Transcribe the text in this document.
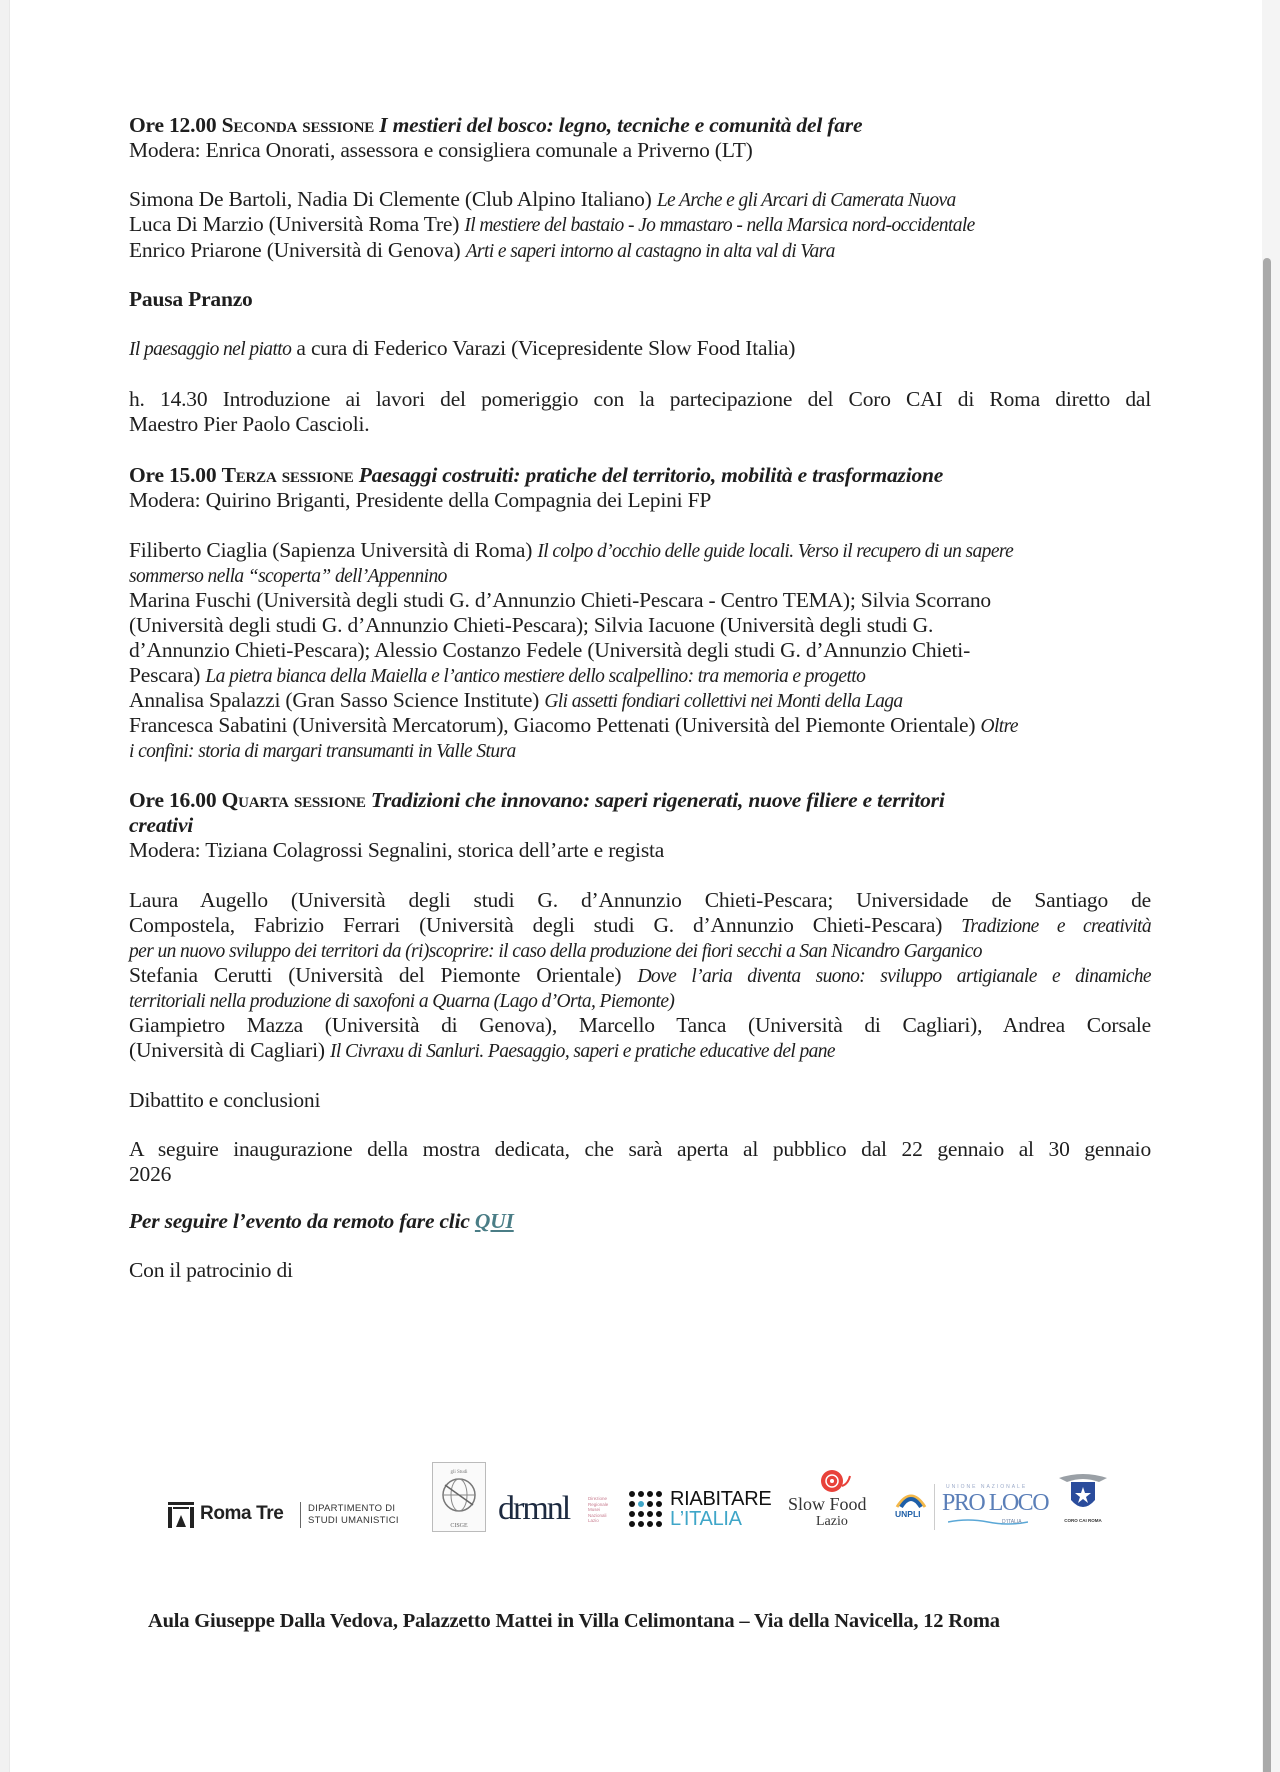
Ore 12.00 Seconda sessione I mestieri del bosco: legno, tecniche e comunità del fare
Modera: Enrica Onorati, assessora e consigliera comunale a Priverno (LT)
Simona De Bartoli, Nadia Di Clemente (Club Alpino Italiano) Le Arche e gli Arcari di Camerata Nuova
Luca Di Marzio (Università Roma Tre) Il mestiere del bastaio - Jo mmastaro - nella Marsica nord-occidentale
Enrico Priarone (Università di Genova) Arti e saperi intorno al castagno in alta val di Vara
Pausa Pranzo
Il paesaggio nel piatto a cura di Federico Varazi (Vicepresidente Slow Food Italia)
h. 14.30 Introduzione ai lavori del pomeriggio con la partecipazione del Coro CAI di Roma diretto dal
Maestro Pier Paolo Cascioli.
Ore 15.00 Terza sessione Paesaggi costruiti: pratiche del territorio, mobilità e trasformazione
Modera: Quirino Briganti, Presidente della Compagnia dei Lepini FP
Filiberto Ciaglia (Sapienza Università di Roma) Il colpo d’occhio delle guide locali. Verso il recupero di un sapere
sommerso nella “scoperta” dell’Appennino
Marina Fuschi (Università degli studi G. d’Annunzio Chieti-Pescara - Centro TEMA); Silvia Scorrano
(Università degli studi G. d’Annunzio Chieti-Pescara); Silvia Iacuone (Università degli studi G.
d’Annunzio Chieti-Pescara); Alessio Costanzo Fedele (Università degli studi G. d’Annunzio Chieti-
Pescara) La pietra bianca della Maiella e l’antico mestiere dello scalpellino: tra memoria e progetto
Annalisa Spalazzi (Gran Sasso Science Institute) Gli assetti fondiari collettivi nei Monti della Laga
Francesca Sabatini (Università Mercatorum), Giacomo Pettenati (Università del Piemonte Orientale) Oltre
i confini: storia di margari transumanti in Valle Stura
Ore 16.00 Quarta sessione Tradizioni che innovano: saperi rigenerati, nuove filiere e territori
creativi
Modera: Tiziana Colagrossi Segnalini, storica dell’arte e regista
Laura Augello (Università degli studi G. d’Annunzio Chieti-Pescara; Universidade de Santiago de
Compostela, Fabrizio Ferrari (Università degli studi G. d’Annunzio Chieti-Pescara) Tradizione e creatività
per un nuovo sviluppo dei territori da (ri)scoprire: il caso della produzione dei fiori secchi a San Nicandro Garganico
Stefania Cerutti (Università del Piemonte Orientale) Dove l’aria diventa suono: sviluppo artigianale e dinamiche
territoriali nella produzione di saxofoni a Quarna (Lago d’Orta, Piemonte)
Giampietro Mazza (Università di Genova), Marcello Tanca (Università di Cagliari), Andrea Corsale
(Università di Cagliari) Il Civraxu di Sanluri. Paesaggio, saperi e pratiche educative del pane
Dibattito e conclusioni
A seguire inaugurazione della mostra dedicata, che sarà aperta al pubblico dal 22 gennaio al 30 gennaio
2026
Per seguire l’evento da remoto fare clic QUI
Con il patrocinio di
Roma Tre	DIPARTIMENTO DI
STUDI UMANISTICI
gli Studi
CISGE drmnl	Direzione
Regionale
Musei
Nazionali
Lazio
RIABITARE
L’ITALIA
Slow Food
Lazio	UNPLI
UNIONE NAZIONALE
PRO LOCO
D’ITALIA	CORO CAI ROMA
Aula Giuseppe Dalla Vedova, Palazzetto Mattei in Villa Celimontana – Via della Navicella, 12 Roma
